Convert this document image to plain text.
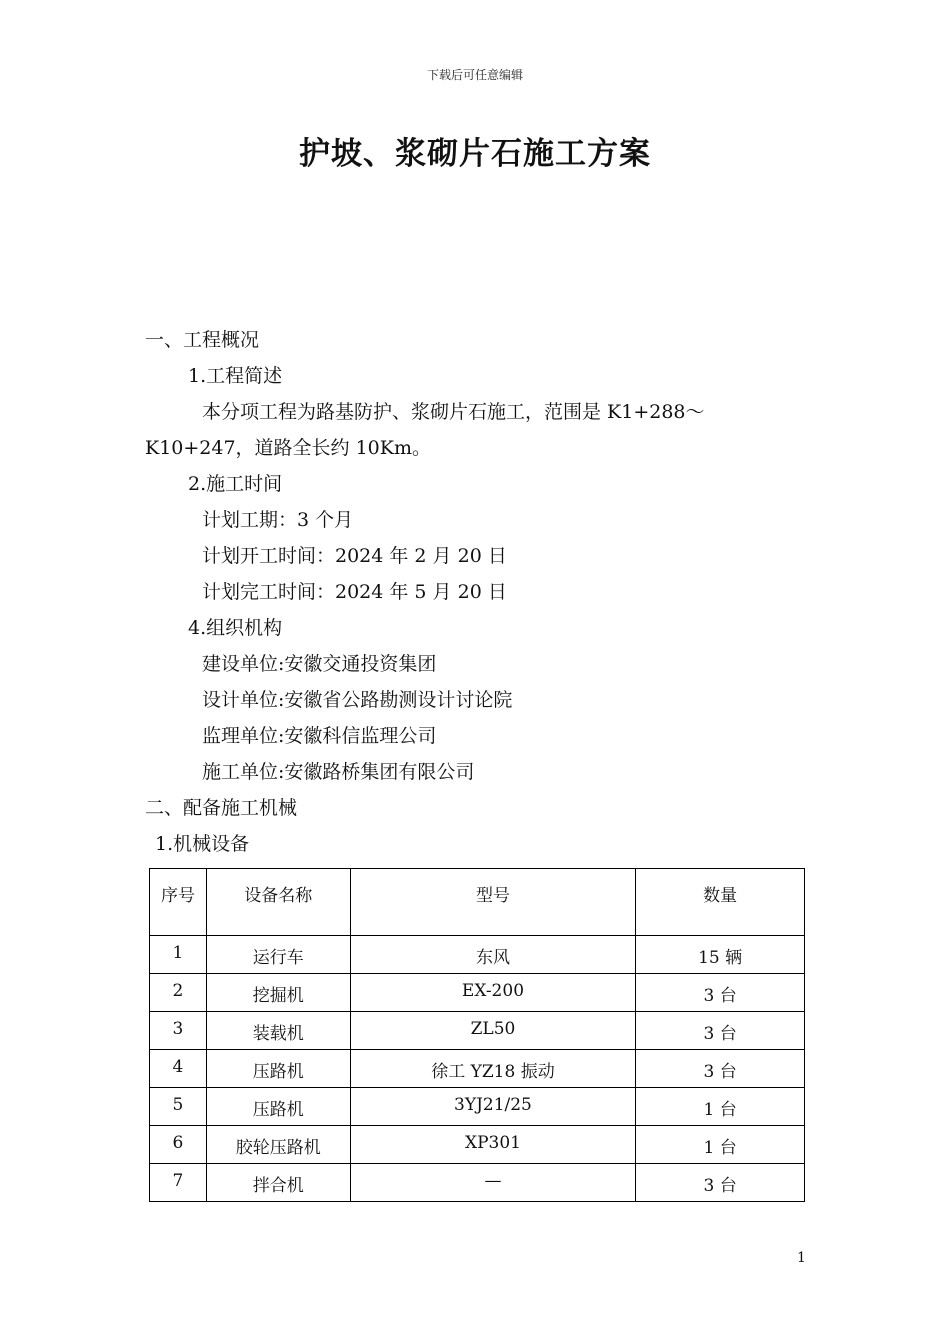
下载后可任意编辑
护坡、浆砌片石施工方案
一、工程概况
1.工程简述
本分项工程为路基防护、浆砌片石施工，范围是 K1+288～
K10+247，道路全长约 10Km。
2.施工时间
计划工期：3 个月
计划开工时间：2024 年 2 月 20 日
计划完工时间：2024 年 5 月 20 日
4.组织机构
建设单位:安徽交通投资集团
设计单位:安徽省公路勘测设计讨论院
监理单位:安徽科信监理公司
施工单位:安徽路桥集团有限公司
二、配备施工机械
1.机械设备
序号	设备名称	型号	数量
1	运行车	东风	15 辆
2	挖掘机	EX-200	3 台
3	装载机	ZL50	3 台
4	压路机	徐工 YZ18 振动	3 台
5	压路机	3YJ21/25	1 台
6	胶轮压路机	XP301	1 台
7	拌合机	—	3 台
1
